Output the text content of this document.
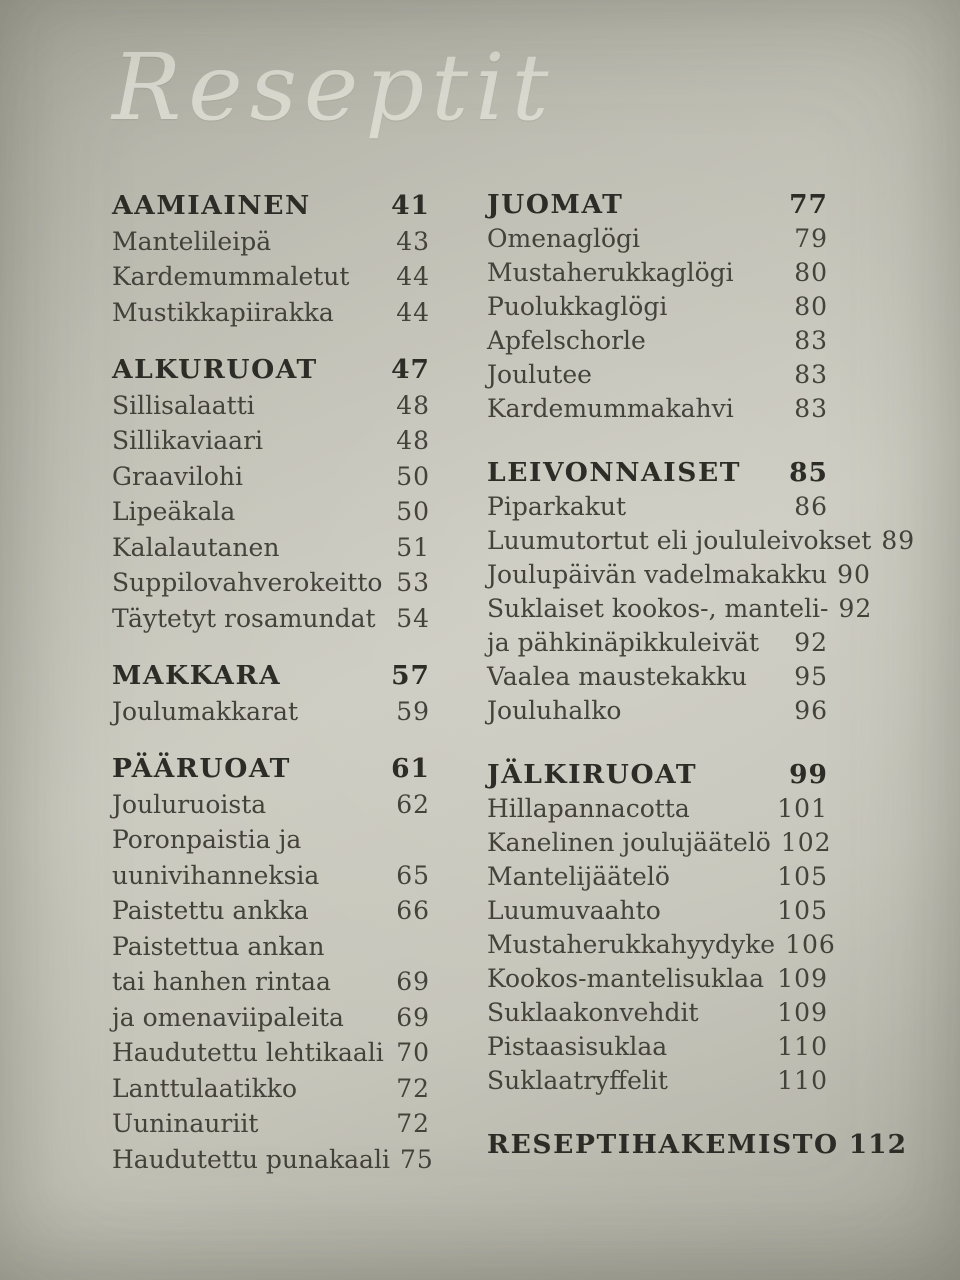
Reseptit
AAMIAINEN	41
Mantelileipä	43
Kardemummaletut	44
Mustikkapiirakka	44
ALKURUOAT	47
Sillisalaatti	48
Sillikaviaari	48
Graavilohi	50
Lipeäkala	50
Kalalautanen	51
Suppilovahverokeitto 53
Täytetyt rosamundat 54
MAKKARA	57
Joulumakkarat	59
PÄÄRUOAT	61
Jouluruoista	62
Poronpaistia ja
uunivihanneksia	65
Paistettu ankka	66
Paistettua ankan
tai hanhen rintaa	69
ja omenaviipaleita	69
Haudutettu lehtikaali 70
Lanttulaatikko	72
Uuninauriit	72
Haudutettu punakaali 75
JUOMAT	77
Omenaglögi	79
Mustaherukkaglögi	80
Puolukkaglögi	80
Apfelschorle	83
Joulutee	83
Kardemummakahvi	83
LEIVONNAISET	85
Piparkakut	86
Luumutortut eli joululeivokset 89
Joulupäivän vadelmakakku 90
Suklaiset kookos-, manteli- 92
ja pähkinäpikkuleivät	92
Vaalea maustekakku	95
Jouluhalko	96
JÄLKIRUOAT	99
Hillapannacotta	101
Kanelinen joulujäätelö 102
Mantelijäätelö	105
Luumuvaahto	105
Mustaherukkahyydyke 106
Kookos-mantelisuklaa 109
Suklaakonvehdit	109
Pistaasisuklaa	110
Suklaatryffelit	110
RESEPTIHAKEMISTO 112
